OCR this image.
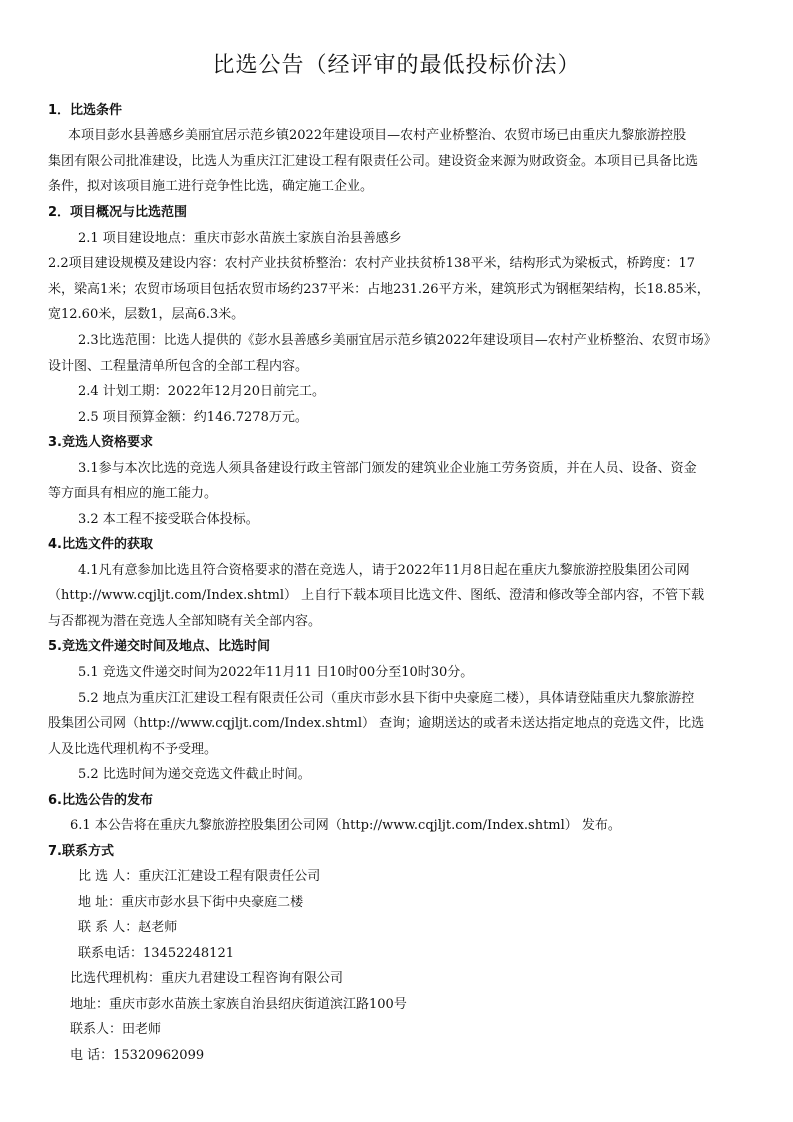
比选公告（经评审的最低投标价法）
1．比选条件
本项目彭水县善感乡美丽宜居示范乡镇2022年建设项目—农村产业桥整治、农贸市场已由重庆九黎旅游控股
集团有限公司批准建设，比选人为重庆江汇建设工程有限责任公司。建设资金来源为财政资金。本项目已具备比选
条件，拟对该项目施工进行竞争性比选，确定施工企业。
2．项目概况与比选范围
2.1 项目建设地点：重庆市彭水苗族土家族自治县善感乡
2.2项目建设规模及建设内容：农村产业扶贫桥整治：农村产业扶贫桥138平米，结构形式为梁板式，桥跨度：17
米，梁高1米；农贸市场项目包括农贸市场约237平米：占地231.26平方米，建筑形式为钢框架结构，长18.85米，
宽12.60米，层数1，层高6.3米。
2.3比选范围：比选人提供的《彭水县善感乡美丽宜居示范乡镇2022年建设项目—农村产业桥整治、农贸市场》
设计图、工程量清单所包含的全部工程内容。
2.4 计划工期：2022年12月20日前完工。
2.5 项目预算金额：约146.7278万元。
3.竞选人资格要求
3.1参与本次比选的竞选人须具备建设行政主管部门颁发的建筑业企业施工劳务资质，并在人员、设备、资金
等方面具有相应的施工能力。
3.2 本工程不接受联合体投标。
4.比选文件的获取
4.1凡有意参加比选且符合资格要求的潜在竞选人，请于2022年11月8日起在重庆九黎旅游控股集团公司网
（http://www.cqjljt.com/Index.shtml） 上自行下载本项目比选文件、图纸、澄清和修改等全部内容，不管下载
与否都视为潜在竞选人全部知晓有关全部内容。
5.竞选文件递交时间及地点、比选时间
5.1 竞选文件递交时间为2022年11月11 日10时00分至10时30分。
5.2 地点为重庆江汇建设工程有限责任公司（重庆市彭水县下街中央豪庭二楼），具体请登陆重庆九黎旅游控
股集团公司网（http://www.cqjljt.com/Index.shtml） 查询；逾期送达的或者未送达指定地点的竞选文件，比选
人及比选代理机构不予受理。
5.2 比选时间为递交竞选文件截止时间。
6.比选公告的发布
6.1 本公告将在重庆九黎旅游控股集团公司网（http://www.cqjljt.com/Index.shtml） 发布。
7.联系方式
比 选 人：重庆江汇建设工程有限责任公司
地 址：重庆市彭水县下街中央豪庭二楼
联 系 人：赵老师
联系电话：13452248121
比选代理机构：重庆九君建设工程咨询有限公司
地址：重庆市彭水苗族土家族自治县绍庆街道滨江路100号
联系人：田老师
电 话：15320962099
